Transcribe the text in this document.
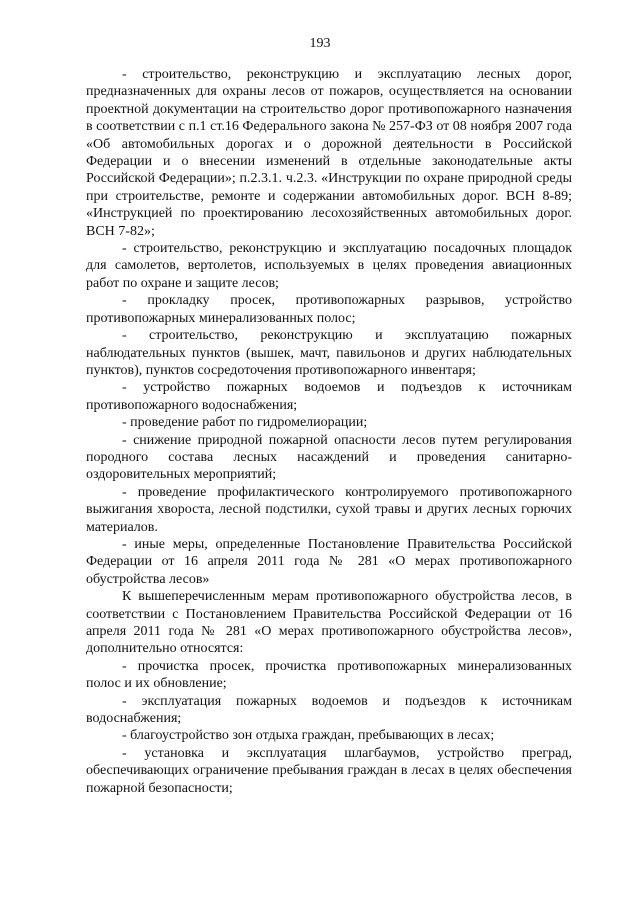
193

- строительство, реконструкцию и эксплуатацию лесных дорог, предназначенных для охраны лесов от пожаров, осуществляется на основании проектной документации на строительство дорог противопожарного назначения в соответствии с п.1 ст.16 Федерального закона № 257-ФЗ от 08 ноября 2007 года «Об автомобильных дорогах и о дорожной деятельности в Российской Федерации и о внесении изменений в отдельные законодательные акты Российской Федерации»; п.2.3.1. ч.2.3. «Инструкции по охране природной среды при строительстве, ремонте и содержании автомобильных дорог. ВСН 8-89; «Инструкцией по проектированию лесохозяйственных автомобильных дорог. ВСН 7-82»;

- строительство, реконструкцию и эксплуатацию посадочных площадок для самолетов, вертолетов, используемых в целях проведения авиационных работ по охране и защите лесов;

- прокладку просек, противопожарных разрывов, устройство противопожарных минерализованных полос;

- строительство, реконструкцию и эксплуатацию пожарных наблюдательных пунктов (вышек, мачт, павильонов и других наблюдательных пунктов), пунктов сосредоточения противопожарного инвентаря;

- устройство пожарных водоемов и подъездов к источникам противопожарного водоснабжения;

- проведение работ по гидромелиорации;

- снижение природной пожарной опасности лесов путем регулирования породного состава лесных насаждений и проведения санитарно-оздоровительных мероприятий;

- проведение профилактического контролируемого противопожарного выжигания хвороста, лесной подстилки, сухой травы и других лесных горючих материалов.

- иные меры, определенные Постановление Правительства Российской Федерации от 16 апреля 2011 года № 281 «О мерах противопожарного обустройства лесов»

К вышеперечисленным мерам противопожарного обустройства лесов, в соответствии с Постановлением Правительства Российской Федерации от 16 апреля 2011 года № 281 «О мерах противопожарного обустройства лесов», дополнительно относятся:

- прочистка просек, прочистка противопожарных минерализованных полос и их обновление;

- эксплуатация пожарных водоемов и подъездов к источникам водоснабжения;

- благоустройство зон отдыха граждан, пребывающих в лесах;

- установка и эксплуатация шлагбаумов, устройство преград, обеспечивающих ограничение пребывания граждан в лесах в целях обеспечения пожарной безопасности;
